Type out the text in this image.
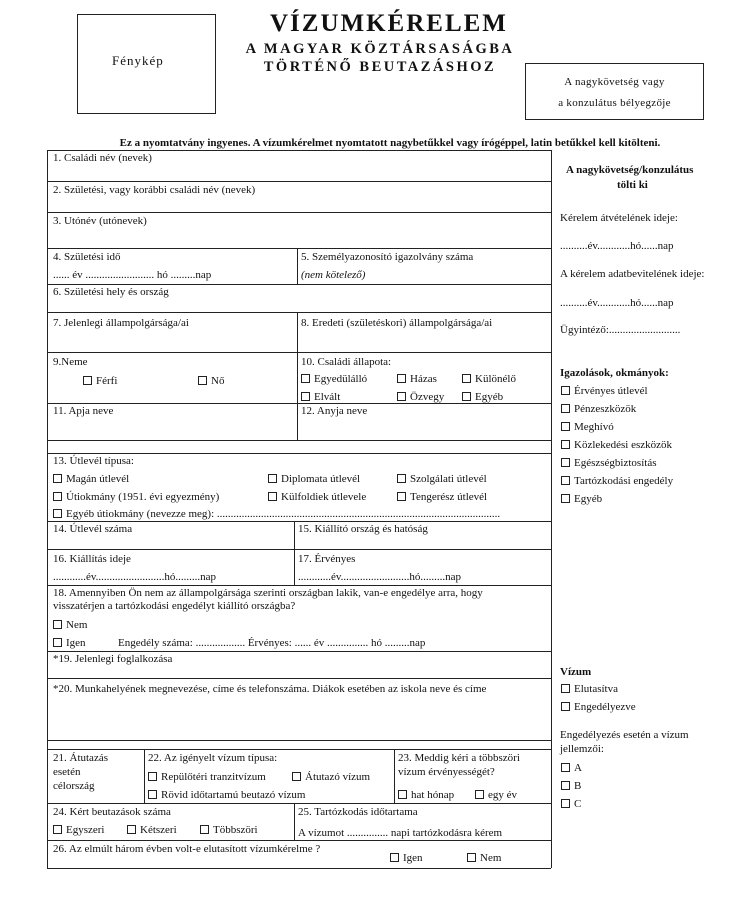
Fénykép
VÍZUMKÉRELEM
A MAGYAR KÖZTÁRSASÁGBA
TÖRTÉNŐ BEUTAZÁSHOZ
A nagykövetség vagy
a konzulátus bélyegzője
Ez a nyomtatvány ingyenes. A vízumkérelmet nyomtatott nagybetűkkel vagy írógéppel, latin betűkkel kell kitölteni.
1. Családi név (nevek)
2. Születési, vagy korábbi családi név (nevek)
3. Utónév (utónevek)
4. Születési idő
...... év ......................... hó .........nap
5. Személyazonosító igazolvány száma
(nem kötelező)
6. Születési hely és ország
7. Jelenlegi állampolgársága/ai	8. Eredeti (születéskori) állampolgársága/ai
9.Neme
Férfi	Nő
10. Családi állapota:
Egyedülálló	Házas	Különélő
Elvált	Özvegy	Egyéb
11. Apja neve	12. Anyja neve
13. Útlevél típusa:
Magán útlevél	Diplomata útlevél	Szolgálati útlevél
Útiokmány (1951. évi egyezmény)	Külfoldiek útlevele	Tengerész útlevél
Egyéb útiokmány (nevezze meg): .......................................................................................................
14. Útlevél száma	15. Kiállító ország és hatóság
16. Kiállítás ideje
............év.........................hó.........nap
17. Érvényes
............év.........................hó.........nap
18. Amennyiben Ön nem az állampolgársága szerinti országban lakik, van-e engedélye arra, hogy
visszatérjen a tartózkodási engedélyt kiállító országba?
Nem
Igen	Engedély száma: .................. Érvényes: ...... év ............... hó .........nap
*19. Jelenlegi foglalkozása
*20. Munkahelyének megnevezése, címe és telefonszáma. Diákok esetében az iskola neve és címe
21. Átutazás
esetén
célország
22. Az igényelt vízum típusa:
Repülőtéri tranzitvízum	Átutazó vízum
Rövid időtartamú beutazó vízum
23. Meddig kéri a többszöri
vízum érvényességét?
hat hónap	egy év
24. Kért beutazások száma
Egyszeri	Kétszeri	Többszöri
25. Tartózkodás időtartama
A vízumot ............... napi tartózkodásra kérem
26. Az elmúlt három évben volt-e elutasított vízumkérelme ?
Igen	Nem
A nagykövetség/konzulátus
tölti ki
Kérelem átvételének ideje:
..........év............hó......nap
A kérelem adatbevitelének ideje:
..........év............hó......nap
Ügyintéző:..........................
Igazolások, okmányok:
Érvényes útlevél
Pénzeszközök
Meghívó
Közlekedési eszközök
Egészségbiztosítás
Tartózkodási engedély
Egyéb
Vízum
Elutasítva
Engedélyezve
Engedélyezés esetén a vízum
jellemzői:
A
B
C
